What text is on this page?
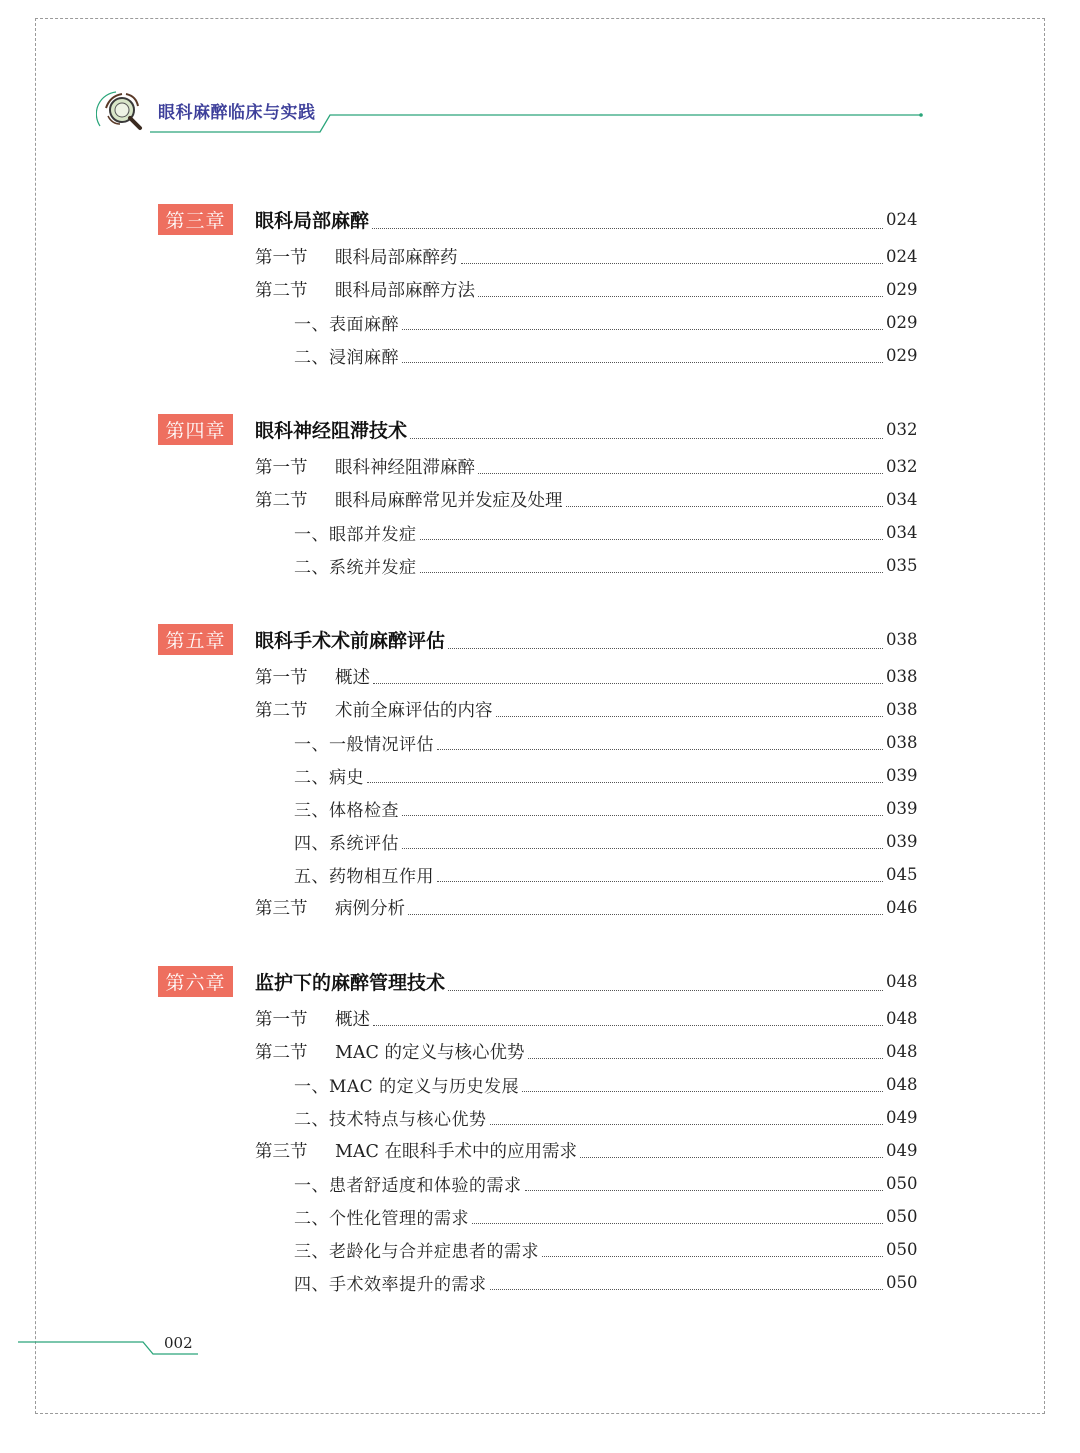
眼科麻醉临床与实践
第三章	眼科局部麻醉	024
第一节	眼科局部麻醉药	024
第二节	眼科局部麻醉方法	029
一、表面麻醉	029
二、浸润麻醉	029
第四章	眼科神经阻滞技术	032
第一节	眼科神经阻滞麻醉	032
第二节	眼科局麻醉常见并发症及处理	034
一、眼部并发症	034
二、系统并发症	035
第五章	眼科手术术前麻醉评估	038
第一节	概述	038
第二节	术前全麻评估的内容	038
一、一般情况评估	038
二、病史	039
三、体格检查	039
四、系统评估	039
五、药物相互作用	045
第三节	病例分析	046
第六章	监护下的麻醉管理技术	048
第一节	概述	048
第二节	MAC 的定义与核心优势	048
一、MAC 的定义与历史发展	048
二、技术特点与核心优势	049
第三节	MAC 在眼科手术中的应用需求	049
一、患者舒适度和体验的需求	050
二、个性化管理的需求	050
三、老龄化与合并症患者的需求	050
四、手术效率提升的需求	050
002
